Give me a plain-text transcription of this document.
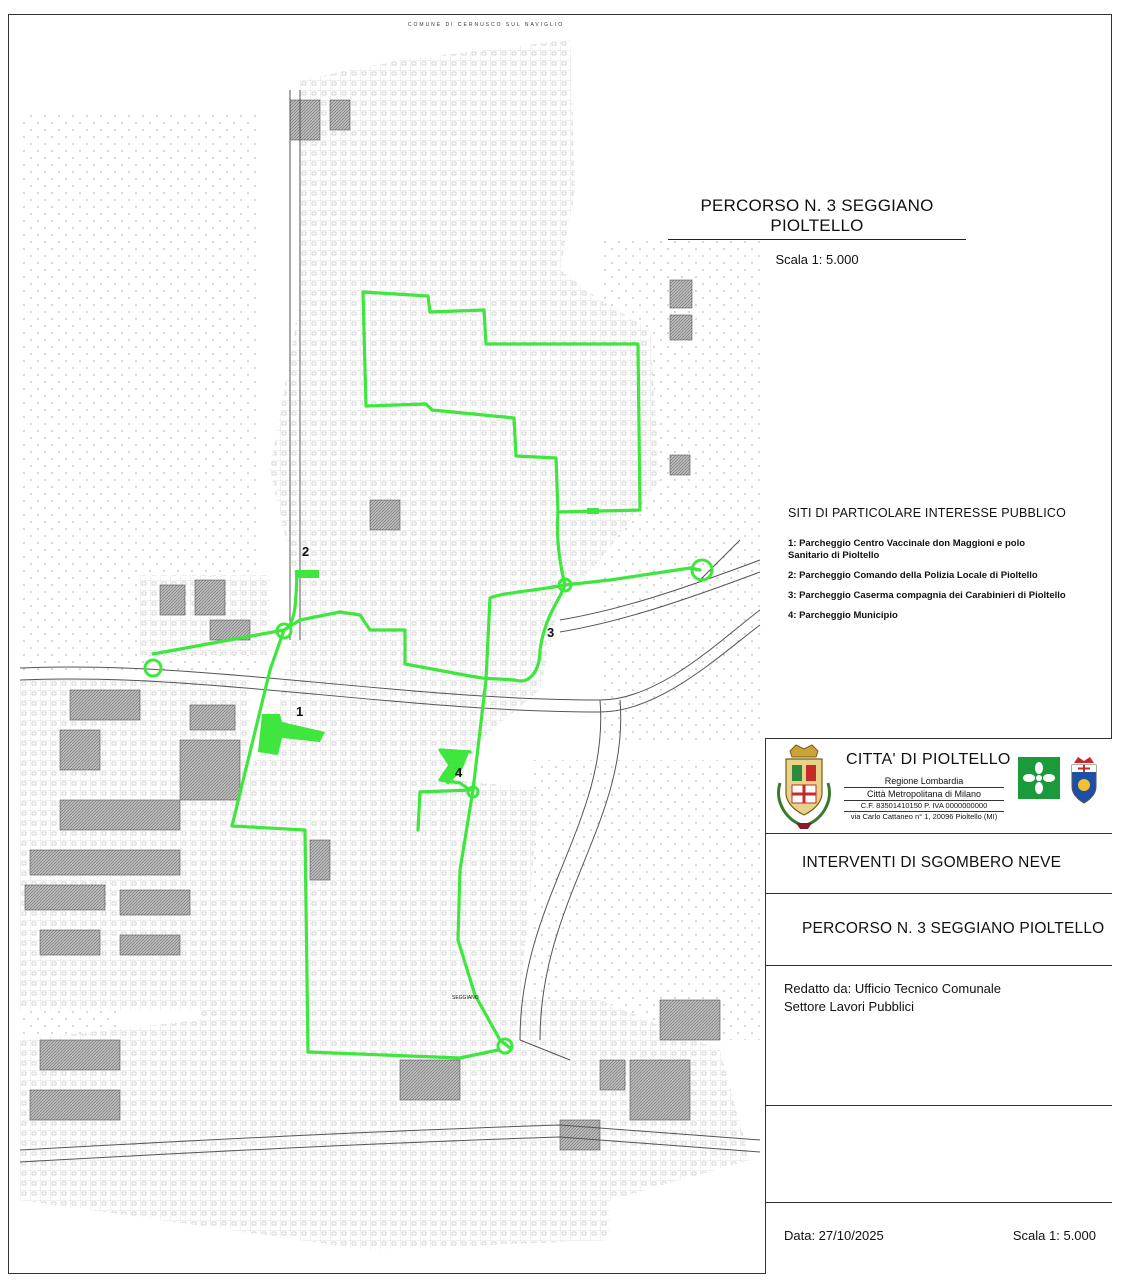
COMUNE DI CERNUSCO SUL NAVIGLIO
PERCORSO N. 3 SEGGIANO PIOLTELLO
Scala 1: 5.000
SITI DI PARTICOLARE INTERESSE PUBBLICO
1: Parcheggio Centro Vaccinale don Maggioni e polo Sanitario di Pioltello
2: Parcheggio Comando della Polizia Locale di Pioltello
3: Parcheggio Caserma compagnia dei Carabinieri di Pioltello
4: Parcheggio Municipio
1
2
3
4
SEGGIANO
CITTA' DI PIOLTELLO
Regione Lombardia
Città Metropolitana di Milano
C.F. 83501410150 P. IVA 0000000000
via Carlo Cattaneo n° 1, 20096 Pioltello (MI)
INTERVENTI DI SGOMBERO NEVE
PERCORSO N. 3 SEGGIANO PIOLTELLO
Redatto da: Ufficio Tecnico Comunale
Settore Lavori Pubblici
Data: 27/10/2025	Scala 1: 5.000
